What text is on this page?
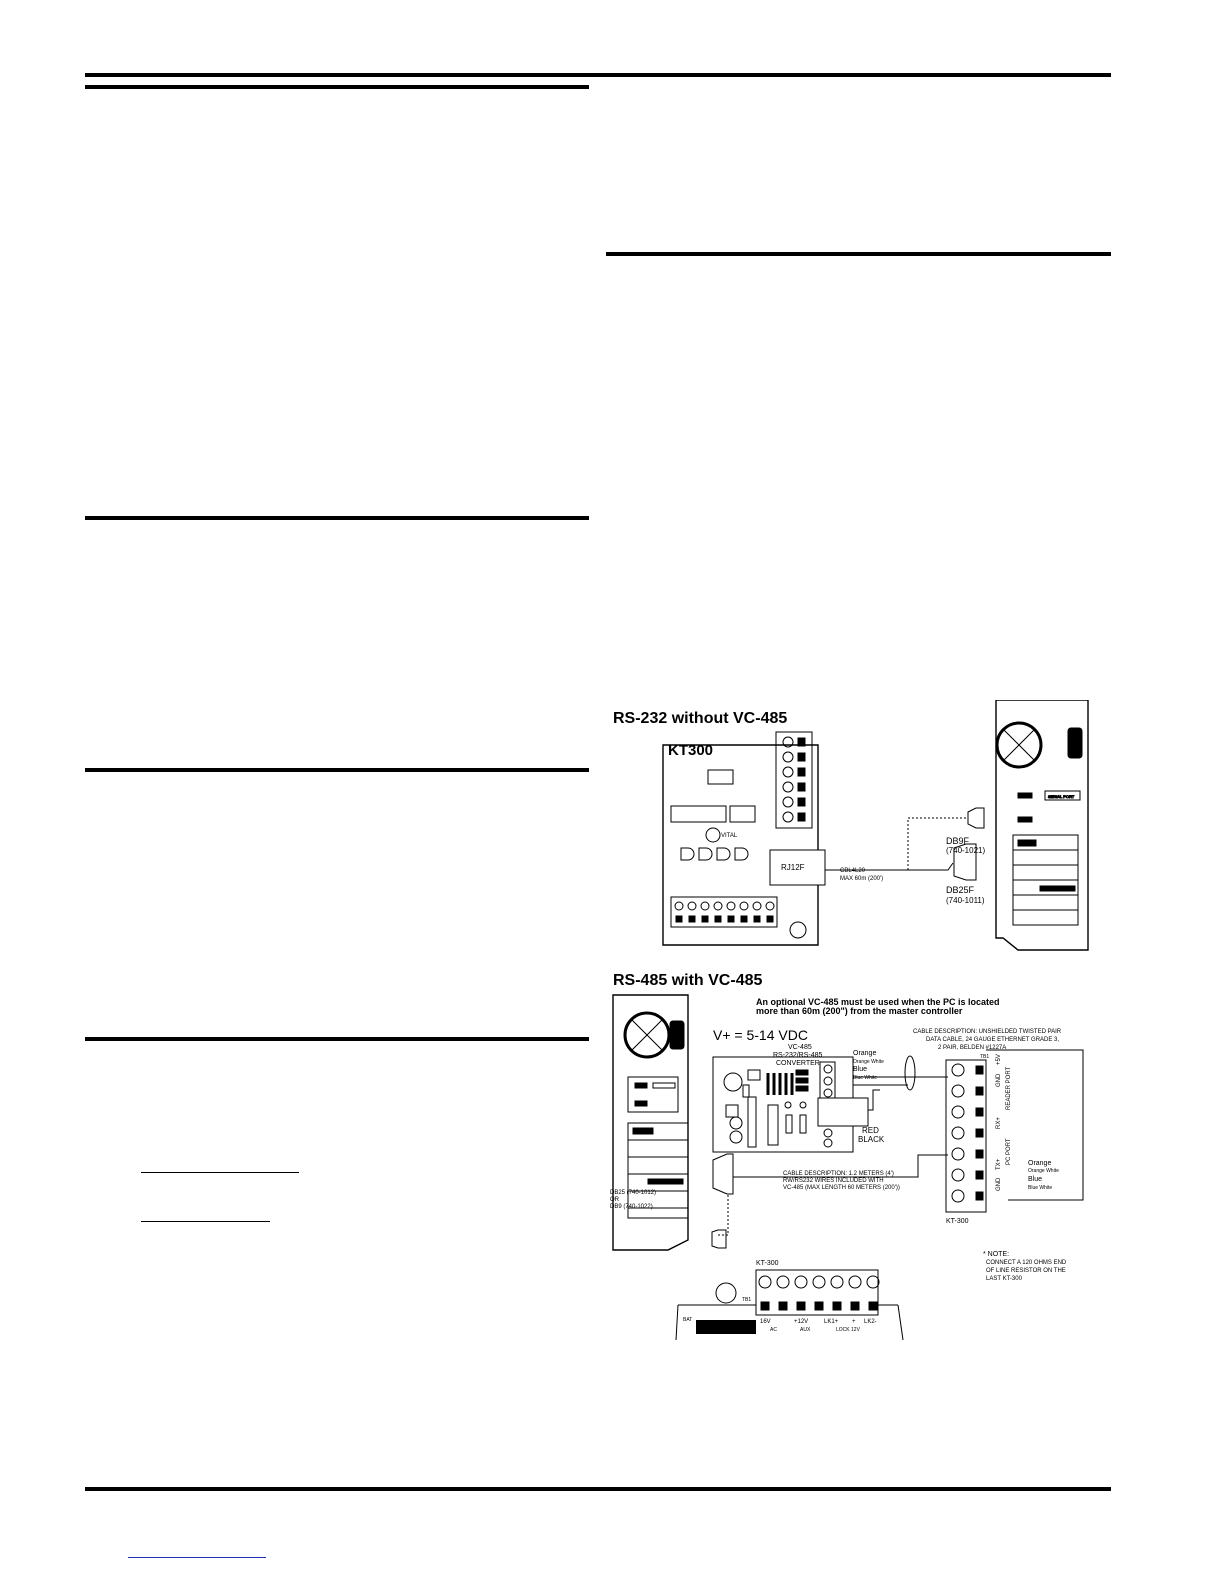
RS-232 without VC-485
KT300
VITAL
RJ12F	CBL4L20
MAX 60m (200')
DB9F
(740-1021)
DB25F
(740-1011)
SERIAL PORT
RS-485 with VC-485
An optional VC-485 must be used when the PC is located more than 60m (200") from the master controller
V+ = 5-14 VDC
VC-485
RS-232/RS-485
CONVERTER
Orange
Orange White
Blue
Blue White
RED
BLACK
CABLE DESCRIPTION: UNSHIELDED TWISTED PAIR
DATA CABLE, 24 GAUGE ETHERNET GRADE 3,
2 PAIR, BELDEN #1227A
TB1 +5V
GND
RX+
TX+
GND
READER PORT
PC PORT
KT-300
Orange
Orange White
Blue
Blue White
* NOTE:
CONNECT A 120 OHMS END
OF LINE RESISTOR ON THE
LAST KT-300
CABLE DESCRIPTION: 1.2 METERS (4')
RW/RS232 WIRES INCLUDED WITH
VC-485 (MAX LENGTH 60 METERS (200'))
DB25 (740-1012)
OR
DB9 (740-1022)
KT-300
BAT
TB1
16V	+12V	LK1+ + LK2-
AC	AUX	LOCK 12V
